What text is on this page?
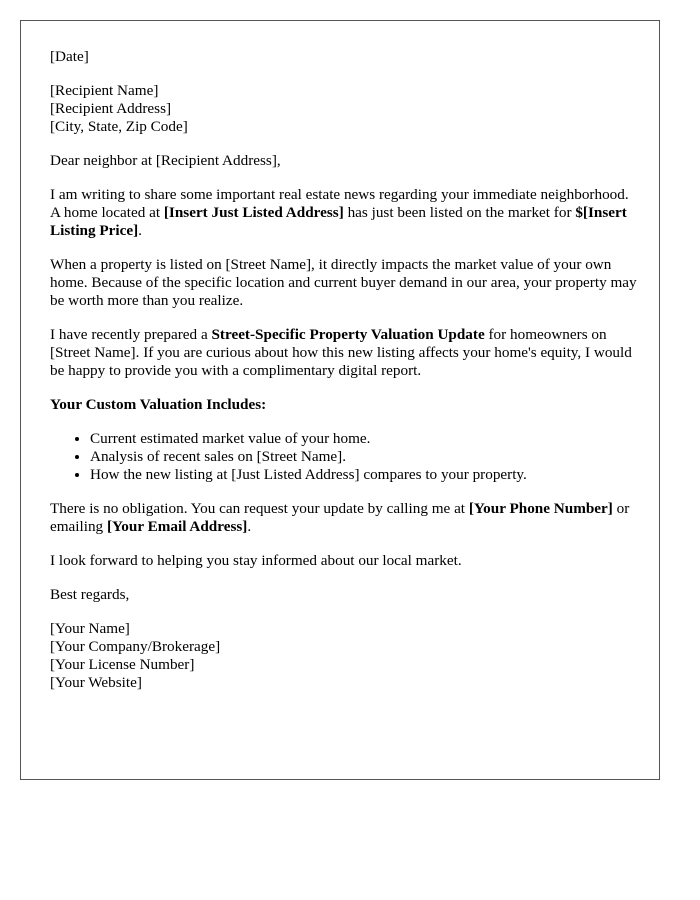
[Date]

[Recipient Name]
[Recipient Address]
[City, State, Zip Code]

Dear neighbor at [Recipient Address],

I am writing to share some important real estate news regarding your immediate neighborhood. A home located at [Insert Just Listed Address] has just been listed on the market for $[Insert Listing Price].

When a property is listed on [Street Name], it directly impacts the market value of your own home. Because of the specific location and current buyer demand in our area, your property may be worth more than you realize.

I have recently prepared a Street-Specific Property Valuation Update for homeowners on [Street Name]. If you are curious about how this new listing affects your home's equity, I would be happy to provide you with a complimentary digital report.

Your Custom Valuation Includes:

• Current estimated market value of your home.
• Analysis of recent sales on [Street Name].
• How the new listing at [Just Listed Address] compares to your property.

There is no obligation. You can request your update by calling me at [Your Phone Number] or emailing [Your Email Address].

I look forward to helping you stay informed about our local market.

Best regards,

[Your Name]
[Your Company/Brokerage]
[Your License Number]
[Your Website]
